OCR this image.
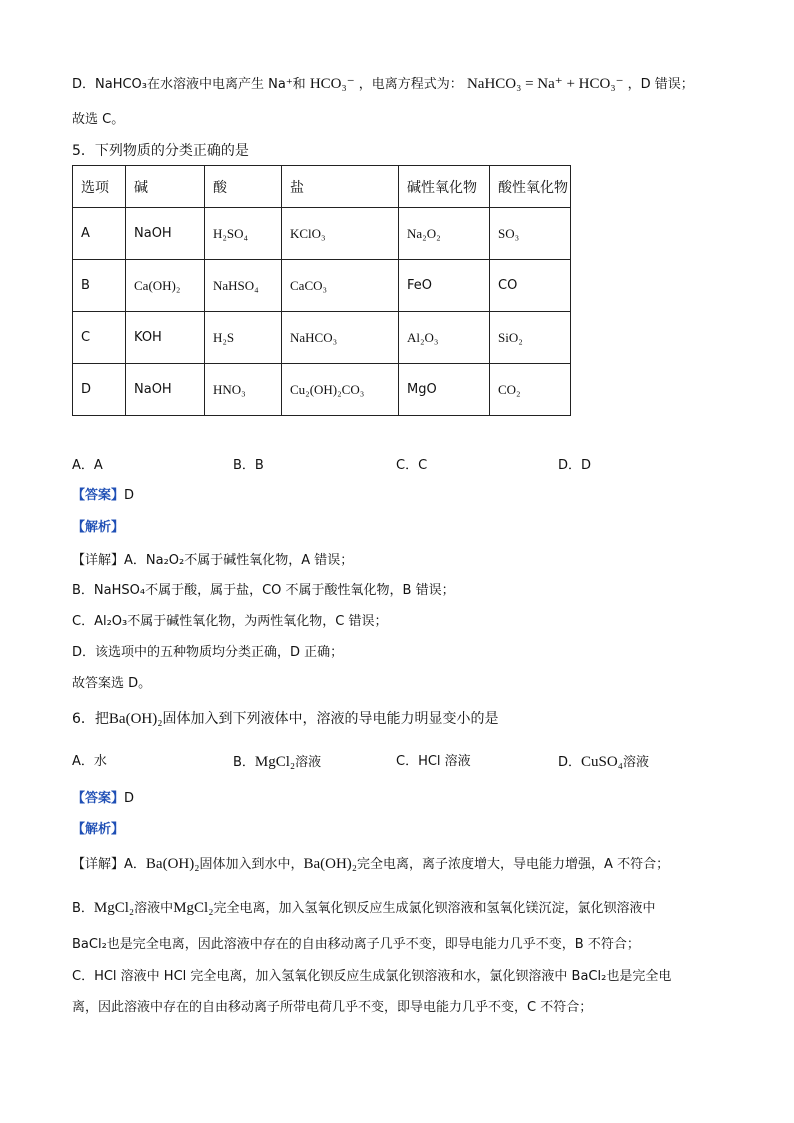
D．NaHCO₃在水溶液中电离产生 Na⁺和 HCO₃⁻ ，电离方程式为： NaHCO₃ = Na⁺ + HCO₃⁻ ，D 错误；
故选 C。
5．下列物质的分类正确的是
选项	碱	酸	盐	碱性氧化物	酸性氧化物
A	NaOH	H₂SO₄	KClO₃	Na₂O₂	SO₃
B	Ca(OH)₂	NaHSO₄	CaCO₃	FeO	CO
C	KOH	H₂S	NaHCO₃	Al₂O₃	SiO₂
D	NaOH	HNO₃	Cu₂(OH)₂CO₃	MgO	CO₂
A．A	B．B	C．C	D．D
【答案】D
【解析】
【详解】A．Na₂O₂不属于碱性氧化物，A 错误；
B．NaHSO₄不属于酸，属于盐，CO 不属于酸性氧化物，B 错误；
C．Al₂O₃不属于碱性氧化物，为两性氧化物，C 错误；
D．该选项中的五种物质均分类正确，D 正确；
故答案选 D。
6．把Ba(OH)₂固体加入到下列液体中，溶液的导电能力明显变小的是
A．水	B．MgCl₂溶液	C．HCl 溶液	D．CuSO₄溶液
【答案】D
【解析】
【详解】A．Ba(OH)₂固体加入到水中，Ba(OH)₂完全电离，离子浓度增大，导电能力增强，A 不符合；
B．MgCl₂溶液中MgCl₂完全电离，加入氢氧化钡反应生成氯化钡溶液和氢氧化镁沉淀，氯化钡溶液中
BaCl₂也是完全电离，因此溶液中存在的自由移动离子几乎不变，即导电能力几乎不变，B 不符合；
C．HCl 溶液中 HCl 完全电离，加入氢氧化钡反应生成氯化钡溶液和水，氯化钡溶液中 BaCl₂也是完全电
离，因此溶液中存在的自由移动离子所带电荷几乎不变，即导电能力几乎不变，C 不符合；
